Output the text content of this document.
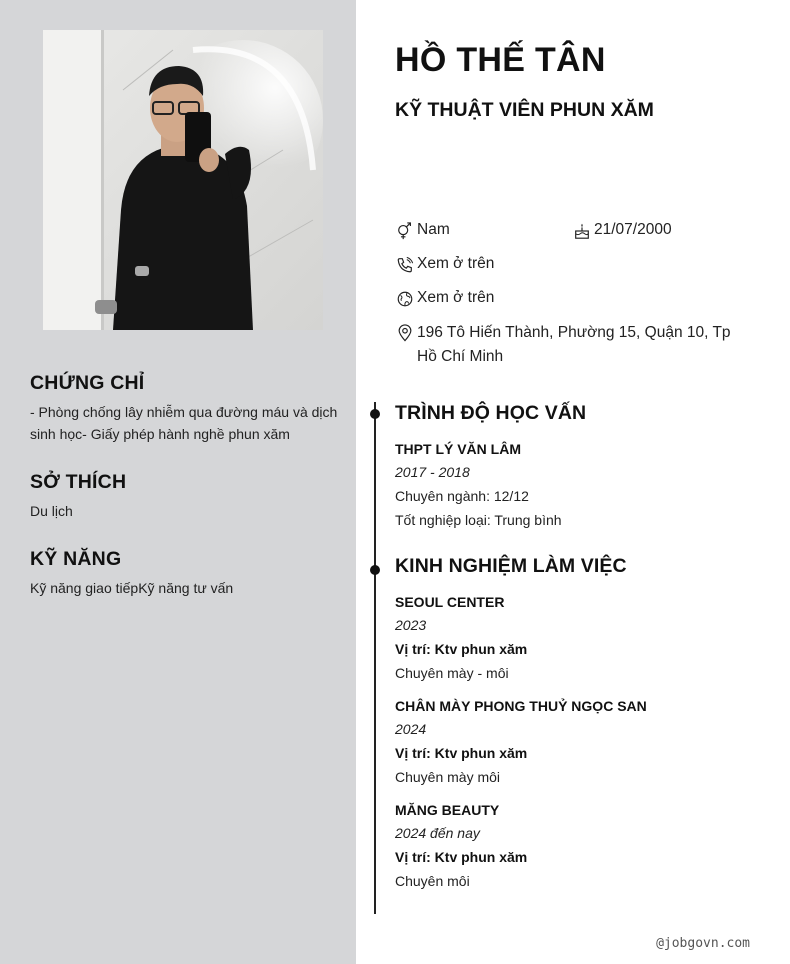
CHỨNG CHỈ
- Phòng chống lây nhiễm qua đường máu và dịch sinh học- Giấy phép hành nghề phun xăm
SỞ THÍCH
Du lịch
KỸ NĂNG
Kỹ năng giao tiếpKỹ năng tư vấn
HỒ THẾ TÂN
KỸ THUẬT VIÊN PHUN XĂM
Nam	21/07/2000
Xem ở trên
Xem ở trên
196 Tô Hiến Thành, Phường 15, Quận 10, Tp Hồ Chí Minh
TRÌNH ĐỘ HỌC VẤN
THPT LÝ VĂN LÂM
2017 - 2018
Chuyên ngành: 12/12
Tốt nghiệp loại: Trung bình
KINH NGHIỆM LÀM VIỆC
SEOUL CENTER
2023
Vị trí: Ktv phun xăm
Chuyên mày - môi
CHÂN MÀY PHONG THUỶ NGỌC SAN
2024
Vị trí: Ktv phun xăm
Chuyên mày môi
MĂNG BEAUTY
2024 đến nay
Vị trí: Ktv phun xăm
Chuyên môi
@jobgovn.com
